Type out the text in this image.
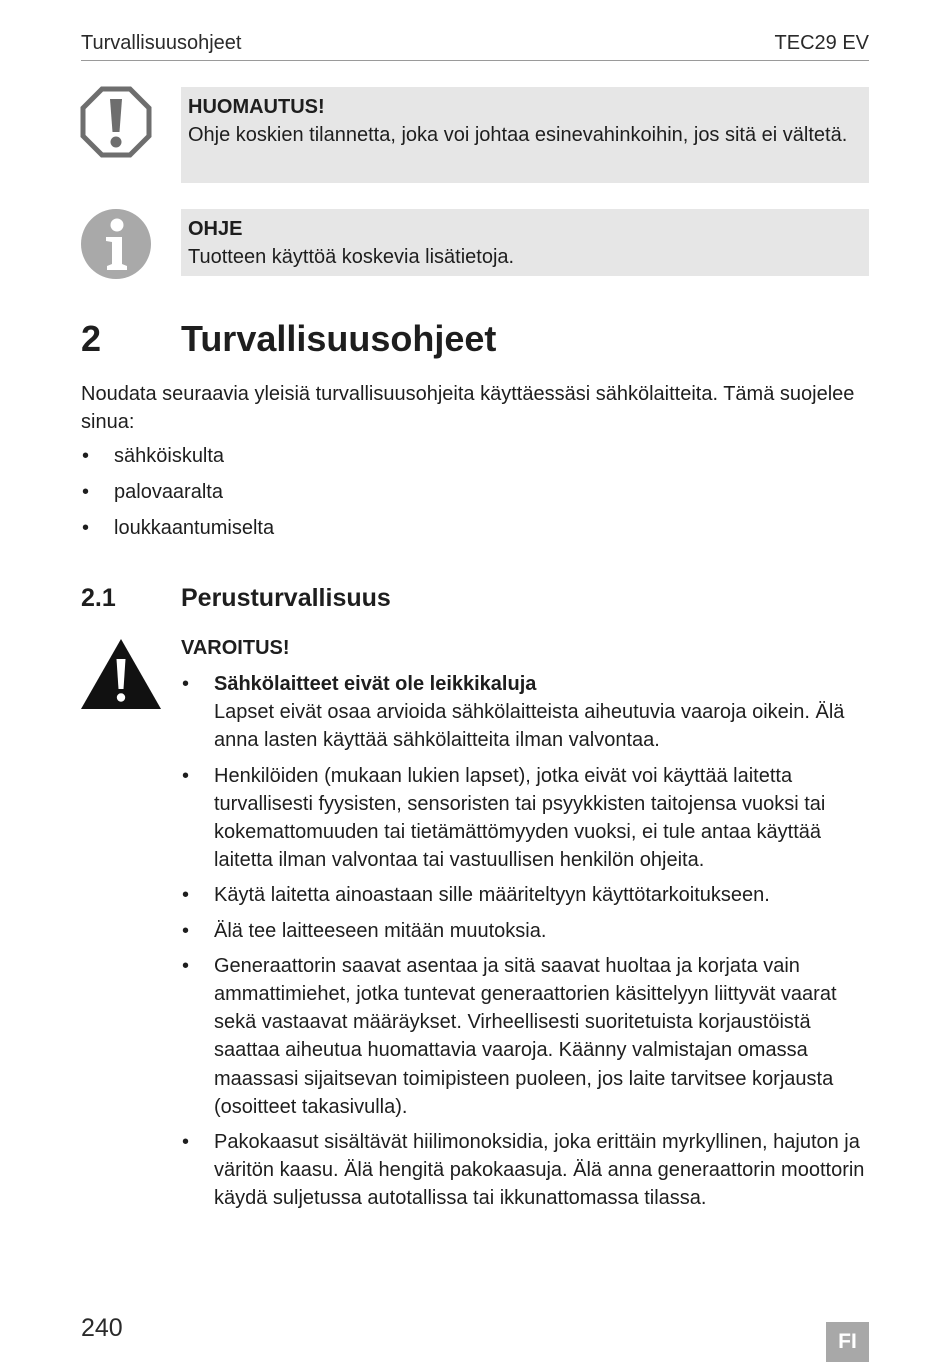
Turvallisuusohjeet	TEC29 EV
HUOMAUTUS!
Ohje koskien tilannetta, joka voi johtaa esinevahinkoihin, jos sitä ei vältetä.
OHJE
Tuotteen käyttöä koskevia lisätietoja.
2 Turvallisuusohjeet
Noudata seuraavia yleisiä turvallisuusohjeita käyttäessäsi sähkölaitteita. Tämä suojelee sinua:
• sähköiskulta
• palovaaralta
• loukkaantumiselta
2.1	Perusturvallisuus
VAROITUS!
• Sähkölaitteet eivät ole leikkikaluja
Lapset eivät osaa arvioida sähkölaitteista aiheutuvia vaaroja oikein. Älä anna lasten käyttää sähkölaitteita ilman valvontaa.
• Henkilöiden (mukaan lukien lapset), jotka eivät voi käyttää laitetta turvallisesti fyysisten, sensoristen tai psyykkisten taitojensa vuoksi tai kokemattomuuden tai tietämättömyyden vuoksi, ei tule antaa käyttää laitetta ilman valvontaa tai vastuullisen henkilön ohjeita.
• Käytä laitetta ainoastaan sille määriteltyyn käyttötarkoitukseen.
• Älä tee laitteeseen mitään muutoksia.
• Generaattorin saavat asentaa ja sitä saavat huoltaa ja korjata vain ammattimiehet, jotka tuntevat generaattorien käsittelyyn liittyvät vaarat sekä vastaavat määräykset. Virheellisesti suoritetuista korjaustöistä saattaa aiheutua huomattavia vaaroja. Käänny valmistajan omassa maassasi sijaitsevan toimipisteen puoleen, jos laite tarvitsee korjausta (osoitteet takasivulla).
• Pakokaasut sisältävät hiilimonoksidia, joka erittäin myrkyllinen, hajuton ja väritön kaasu. Älä hengitä pakokaasuja. Älä anna generaattorin moottorin käydä suljetussa autotallissa tai ikkunattomassa tilassa.
240	FI
